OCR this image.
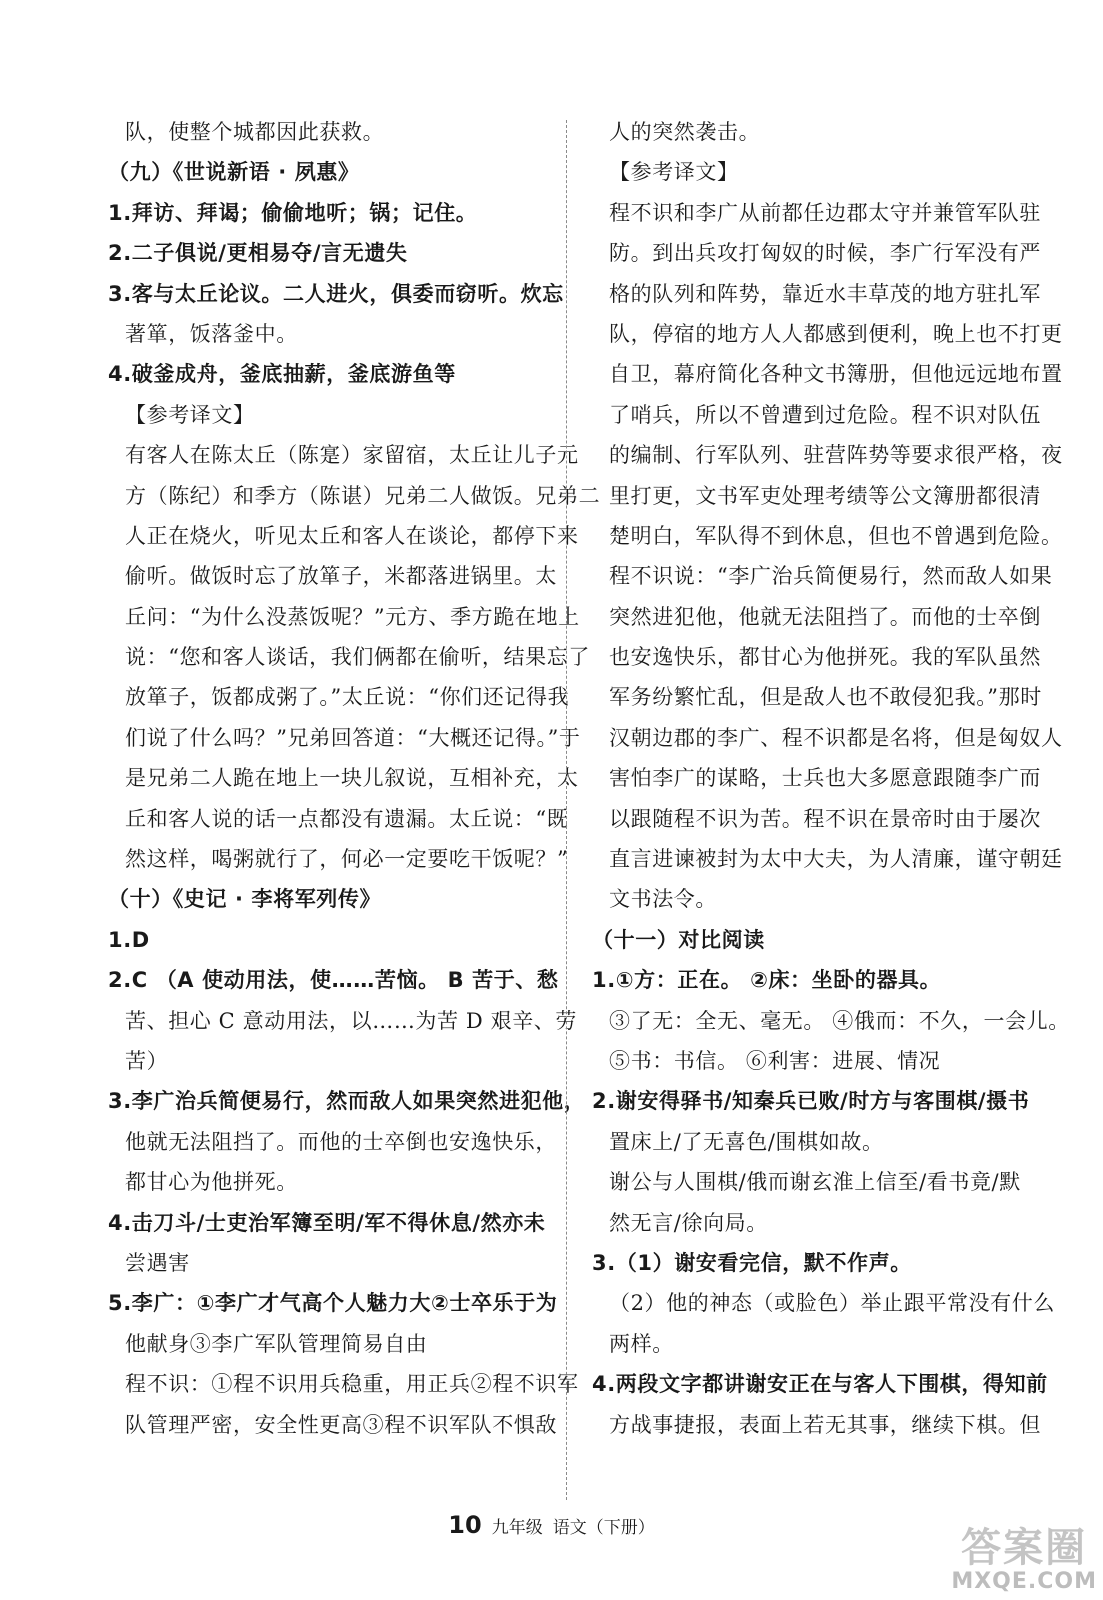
队，使整个城都因此获救。
（九）《世说新语 · 夙惠》
1.拜访、拜谒；偷偷地听；锅；记住。
2.二子俱说/更相易夺/言无遗失
3.客与太丘论议。二人进火，俱委而窃听。炊忘
著箪，饭落釜中。
4.破釜成舟，釜底抽薪，釜底游鱼等
【参考译文】
有客人在陈太丘（陈寔）家留宿，太丘让儿子元
方（陈纪）和季方（陈谌）兄弟二人做饭。兄弟二
人正在烧火，听见太丘和客人在谈论，都停下来
偷听。做饭时忘了放箪子，米都落进锅里。太
丘问：“为什么没蒸饭呢？”元方、季方跪在地上
说：“您和客人谈话，我们俩都在偷听，结果忘了
放箪子，饭都成粥了。”太丘说：“你们还记得我
们说了什么吗？”兄弟回答道：“大概还记得。”于
是兄弟二人跪在地上一块儿叙说，互相补充，太
丘和客人说的话一点都没有遗漏。太丘说：“既
然这样，喝粥就行了，何必一定要吃干饭呢？”
（十）《史记 · 李将军列传》
1.D
2.C （A 使动用法，使……苦恼。 B 苦于、愁
苦、担心 C 意动用法，以……为苦 D 艰辛、劳
苦）
3.李广治兵简便易行，然而敌人如果突然进犯他，
他就无法阻挡了。而他的士卒倒也安逸快乐，
都甘心为他拼死。
4.击刀斗/士吏治军簿至明/军不得休息/然亦未
尝遇害
5.李广：①李广才气高个人魅力大②士卒乐于为
他献身③李广军队管理简易自由
程不识：①程不识用兵稳重，用正兵②程不识军
队管理严密，安全性更高③程不识军队不惧敌
人的突然袭击。
【参考译文】
程不识和李广从前都任边郡太守并兼管军队驻
防。到出兵攻打匈奴的时候，李广行军没有严
格的队列和阵势，靠近水丰草茂的地方驻扎军
队，停宿的地方人人都感到便利，晚上也不打更
自卫，幕府简化各种文书簿册，但他远远地布置
了哨兵，所以不曾遭到过危险。程不识对队伍
的编制、行军队列、驻营阵势等要求很严格，夜
里打更，文书军吏处理考绩等公文簿册都很清
楚明白，军队得不到休息，但也不曾遇到危险。
程不识说：“李广治兵简便易行，然而敌人如果
突然进犯他，他就无法阻挡了。而他的士卒倒
也安逸快乐，都甘心为他拼死。我的军队虽然
军务纷繁忙乱，但是敌人也不敢侵犯我。”那时
汉朝边郡的李广、程不识都是名将，但是匈奴人
害怕李广的谋略，士兵也大多愿意跟随李广而
以跟随程不识为苦。程不识在景帝时由于屡次
直言进谏被封为太中大夫，为人清廉，谨守朝廷
文书法令。
（十一）对比阅读
1.①方：正在。 ②床：坐卧的器具。
③了无：全无、毫无。 ④俄而：不久，一会儿。
⑤书：书信。 ⑥利害：进展、情况
2.谢安得驿书/知秦兵已败/时方与客围棋/摄书
置床上/了无喜色/围棋如故。
谢公与人围棋/俄而谢玄淮上信至/看书竟/默
然无言/徐向局。
3.（1）谢安看完信，默不作声。
（2）他的神态（或脸色）举止跟平常没有什么
两样。
4.两段文字都讲谢安正在与客人下围棋，得知前
方战事捷报，表面上若无其事，继续下棋。但
10 九年级 语文（下册）	答案圈
MXQE.COM
